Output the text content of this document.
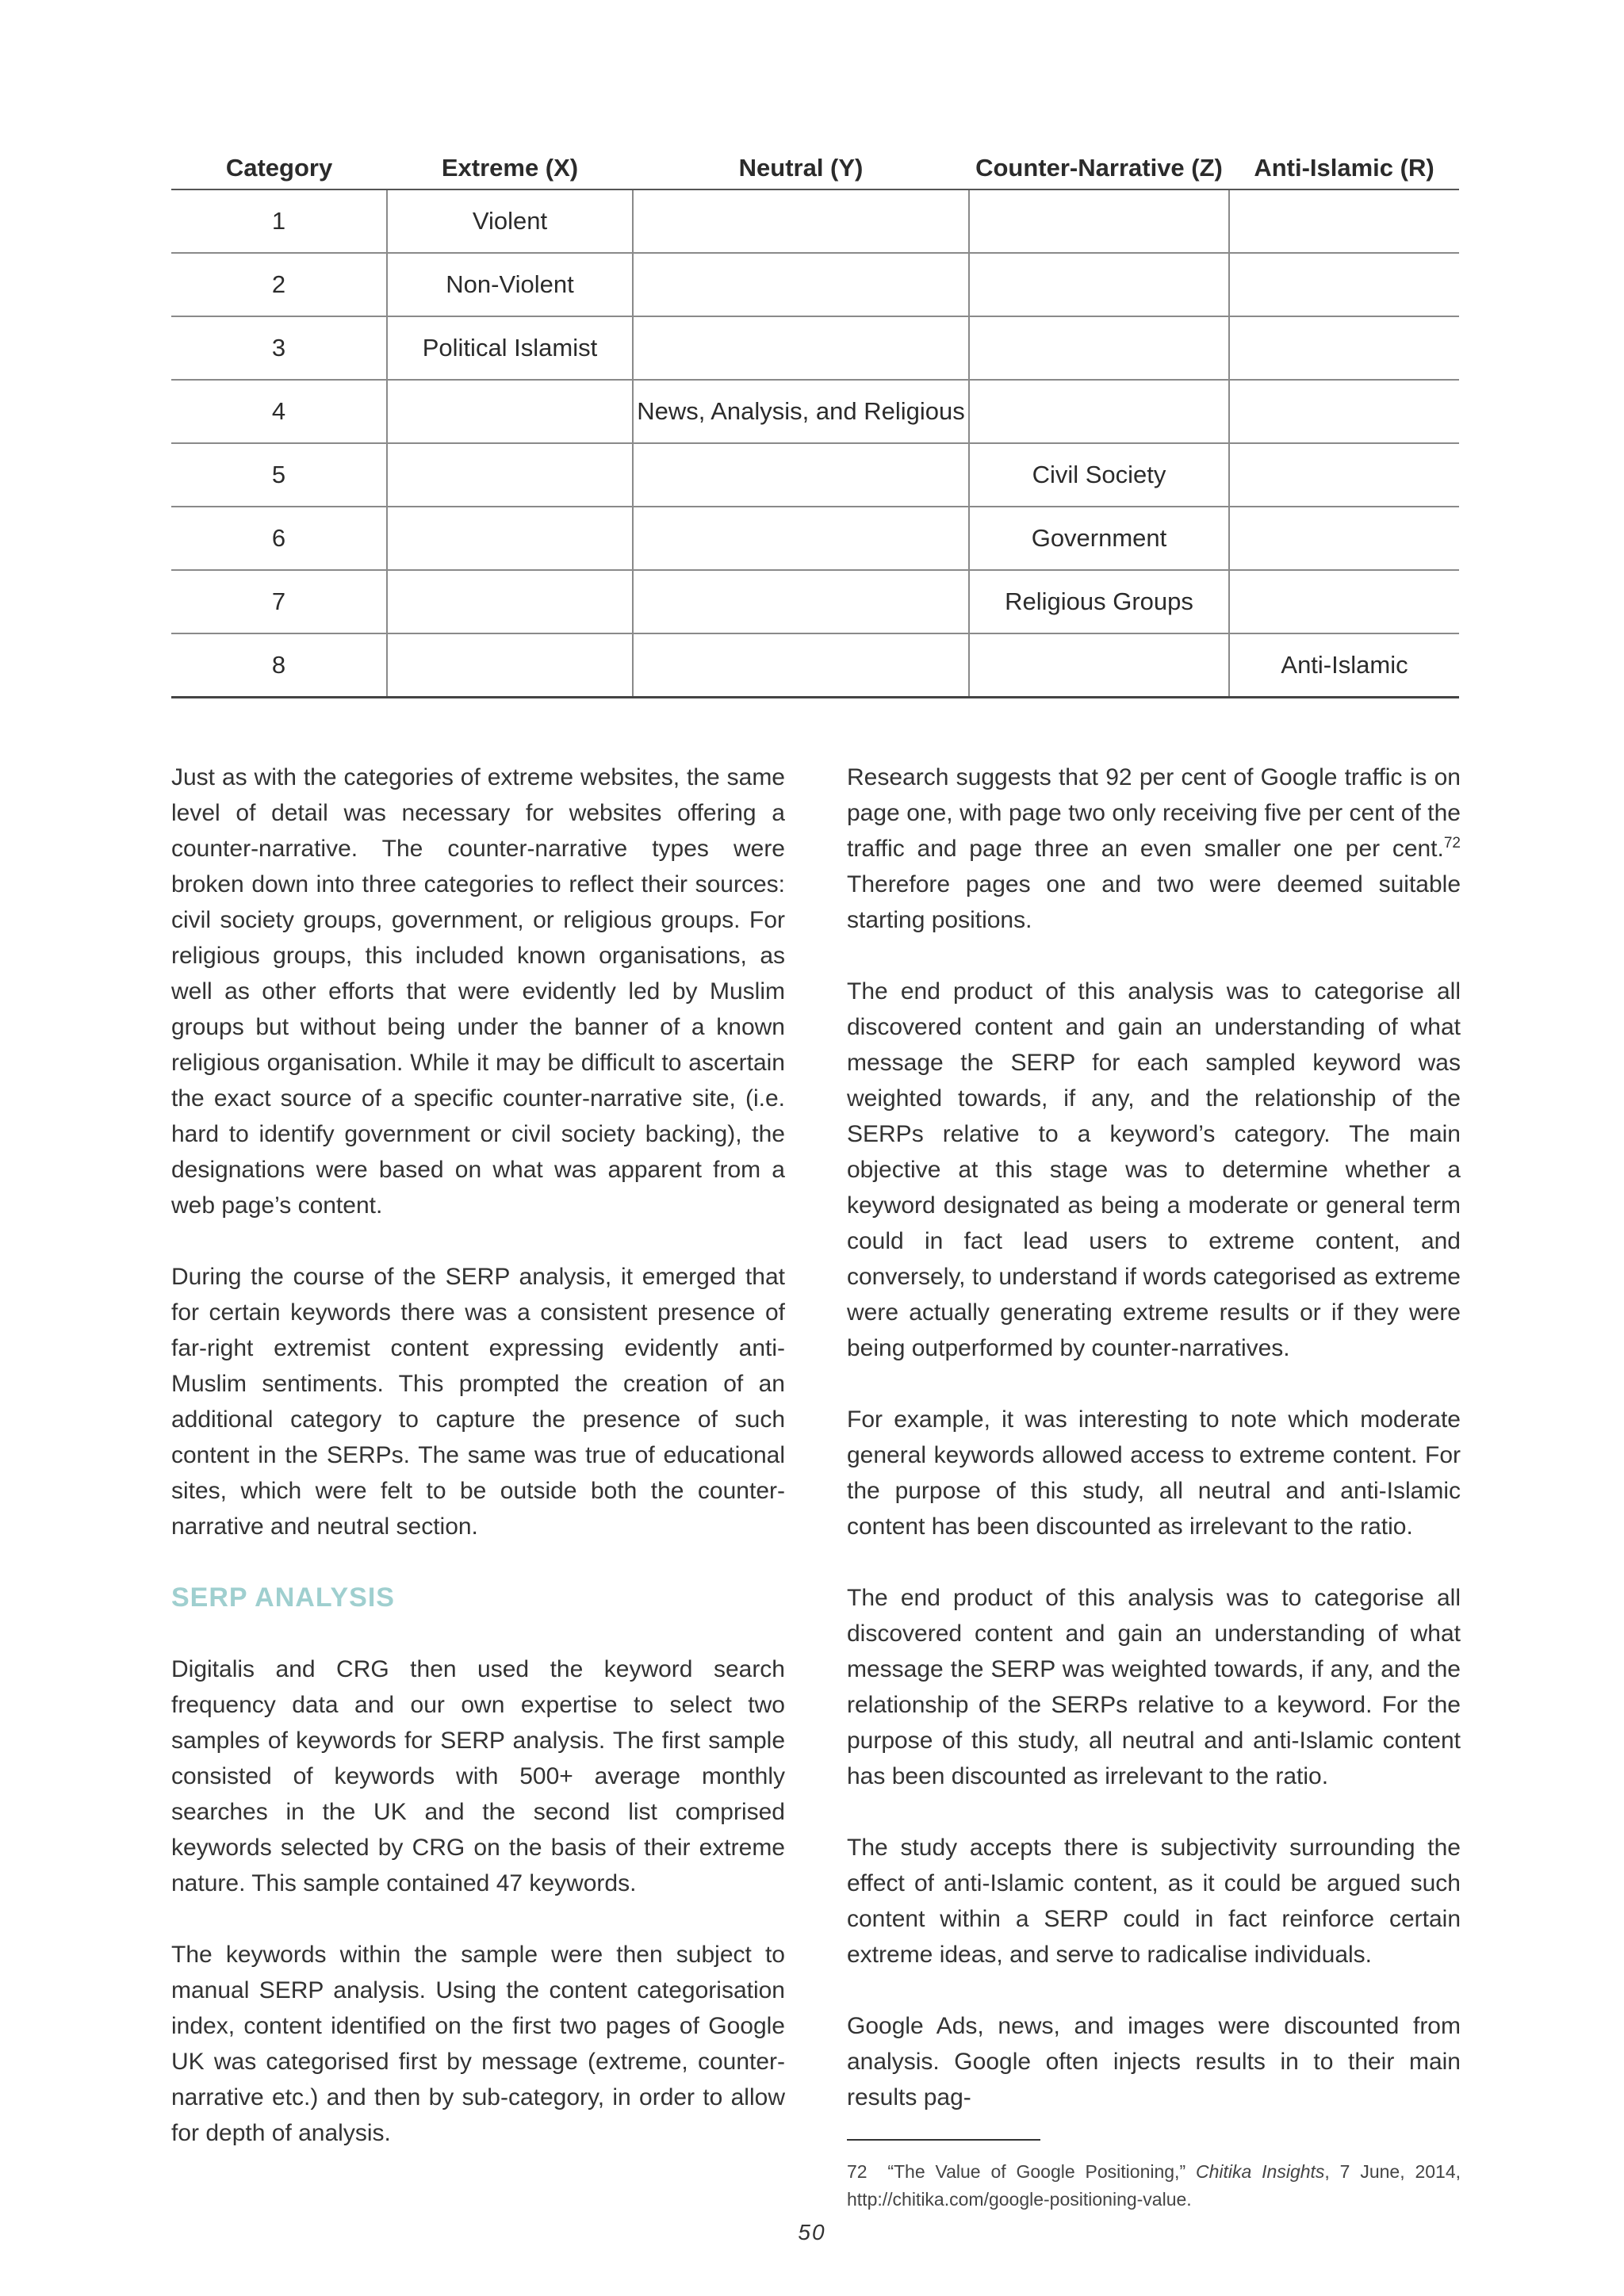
Category	Extreme (X)	Neutral (Y)	Counter-Narrative (Z)	Anti-Islamic (R)
1	Violent			
2	Non-Violent			
3	Political Islamist			
4		News, Analysis, and Religious		
5			Civil Society	
6			Government	
7			Religious Groups	
8				Anti-Islamic

Just as with the categories of extreme websites, the same level of detail was necessary for websites offering a counter-narrative. The counter-narrative types were broken down into three categories to reflect their sources: civil society groups, government, or religious groups. For religious groups, this included known organisations, as well as other efforts that were evidently led by Muslim groups but without being under the banner of a known religious organisation. While it may be difficult to ascertain the exact source of a specific counter-narrative site, (i.e. hard to identify government or civil society backing), the designations were based on what was apparent from a web page’s content.

During the course of the SERP analysis, it emerged that for certain keywords there was a consistent presence of far-right extremist content expressing evidently anti-Muslim sentiments. This prompted the creation of an additional category to capture the presence of such content in the SERPs. The same was true of educational sites, which were felt to be outside both the counter-narrative and neutral section.

SERP ANALYSIS

Digitalis and CRG then used the keyword search frequency data and our own expertise to select two samples of keywords for SERP analysis. The first sample consisted of keywords with 500+ average monthly searches in the UK and the second list comprised keywords selected by CRG on the basis of their extreme nature. This sample contained 47 keywords.

The keywords within the sample were then subject to manual SERP analysis. Using the content categorisation index, content identified on the first two pages of Google UK was categorised first by message (extreme, counter-narrative etc.) and then by sub-category, in order to allow for depth of analysis.

Research suggests that 92 per cent of Google traffic is on page one, with page two only receiving five per cent of the traffic and page three an even smaller one per cent.$^{72}$ Therefore pages one and two were deemed suitable starting positions.

The end product of this analysis was to categorise all discovered content and gain an understanding of what message the SERP for each sampled keyword was weighted towards, if any, and the relationship of the SERPs relative to a keyword’s category. The main objective at this stage was to determine whether a keyword designated as being a moderate or general term could in fact lead users to extreme content, and conversely, to understand if words categorised as extreme were actually generating extreme results or if they were being outperformed by counter-narratives.

For example, it was interesting to note which moderate general keywords allowed access to extreme content. For the purpose of this study, all neutral and anti-Islamic content has been discounted as irrelevant to the ratio.

The end product of this analysis was to categorise all discovered content and gain an understanding of what message the SERP was weighted towards, if any, and the relationship of the SERPs relative to a keyword. For the purpose of this study, all neutral and anti-Islamic content has been discounted as irrelevant to the ratio.

The study accepts there is subjectivity surrounding the effect of anti-Islamic content, as it could be argued such content within a SERP could in fact reinforce certain extreme ideas, and serve to radicalise individuals.

Google Ads, news, and images were discounted from analysis. Google often injects results in to their main results pag-

72 “The Value of Google Positioning,” Chitika Insights, 7 June, 2014, http://chitika.com/google-positioning-value.

50
